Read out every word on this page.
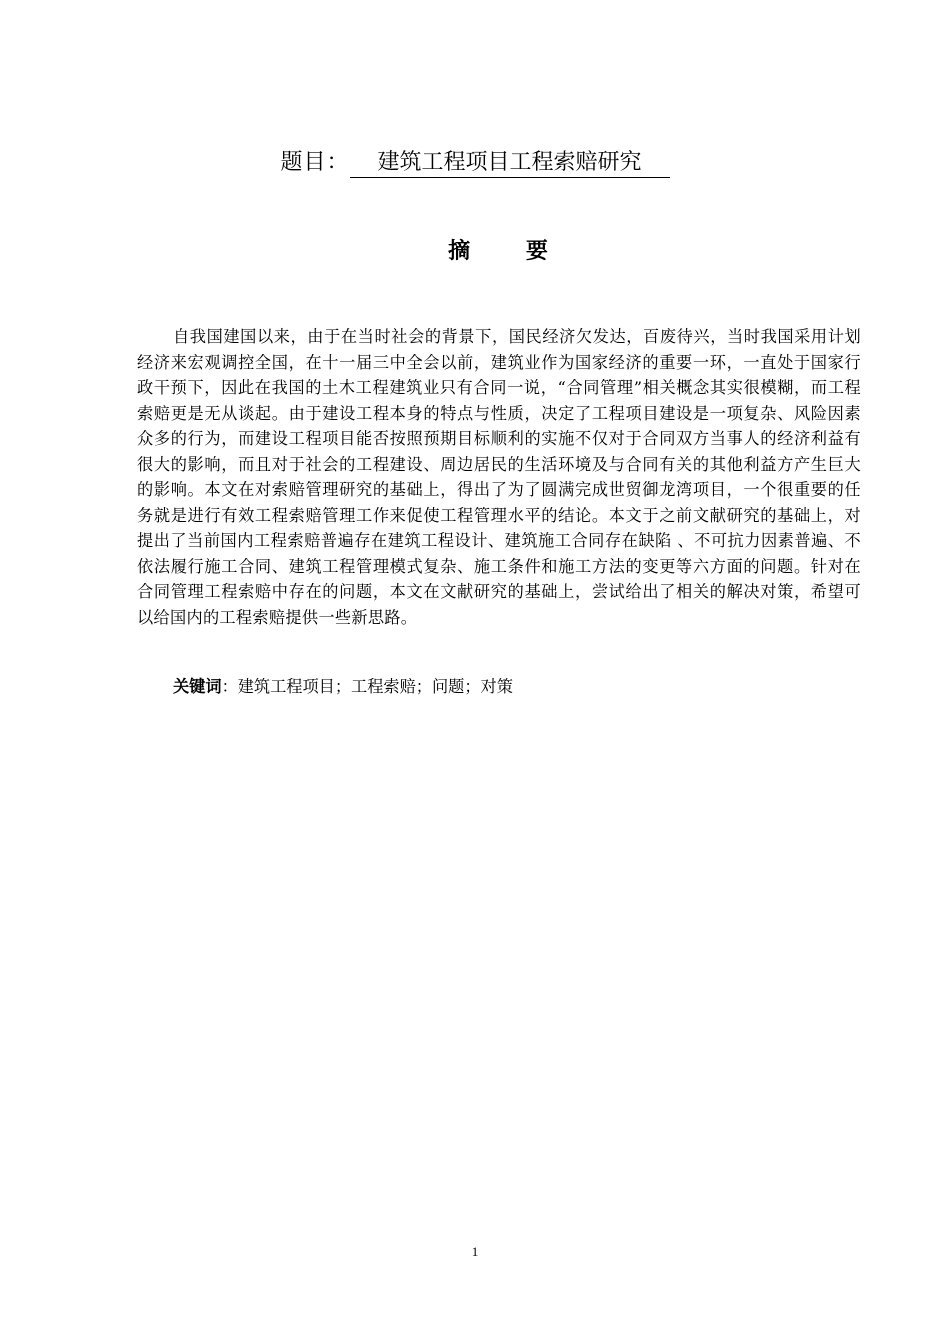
题目： 建筑工程项目工程索赔研究
摘 要
自我国建国以来，由于在当时社会的背景下，国民经济欠发达，百废待兴，当时我国采用计划经济来宏观调控全国，在十一届三中全会以前，建筑业作为国家经济的重要一环，一直处于国家行政干预下，因此在我国的土木工程建筑业只有合同一说，“合同管理”相关概念其实很模糊，而工程索赔更是无从谈起。由于建设工程本身的特点与性质，决定了工程项目建设是一项复杂、风险因素众多的行为，而建设工程项目能否按照预期目标顺利的实施不仅对于合同双方当事人的经济利益有很大的影响，而且对于社会的工程建设、周边居民的生活环境及与合同有关的其他利益方产生巨大的影响。本文在对索赔管理研究的基础上，得出了为了圆满完成世贸御龙湾项目，一个很重要的任务就是进行有效工程索赔管理工作来促使工程管理水平的结论。本文于之前文献研究的基础上，对提出了当前国内工程索赔普遍存在建筑工程设计、建筑施工合同存在缺陷 、不可抗力因素普遍、不依法履行施工合同、建筑工程管理模式复杂、施工条件和施工方法的变更等六方面的问题。针对在合同管理工程索赔中存在的问题，本文在文献研究的基础上，尝试给出了相关的解决对策，希望可以给国内的工程索赔提供一些新思路。
关键词：建筑工程项目；工程索赔；问题；对策
1
